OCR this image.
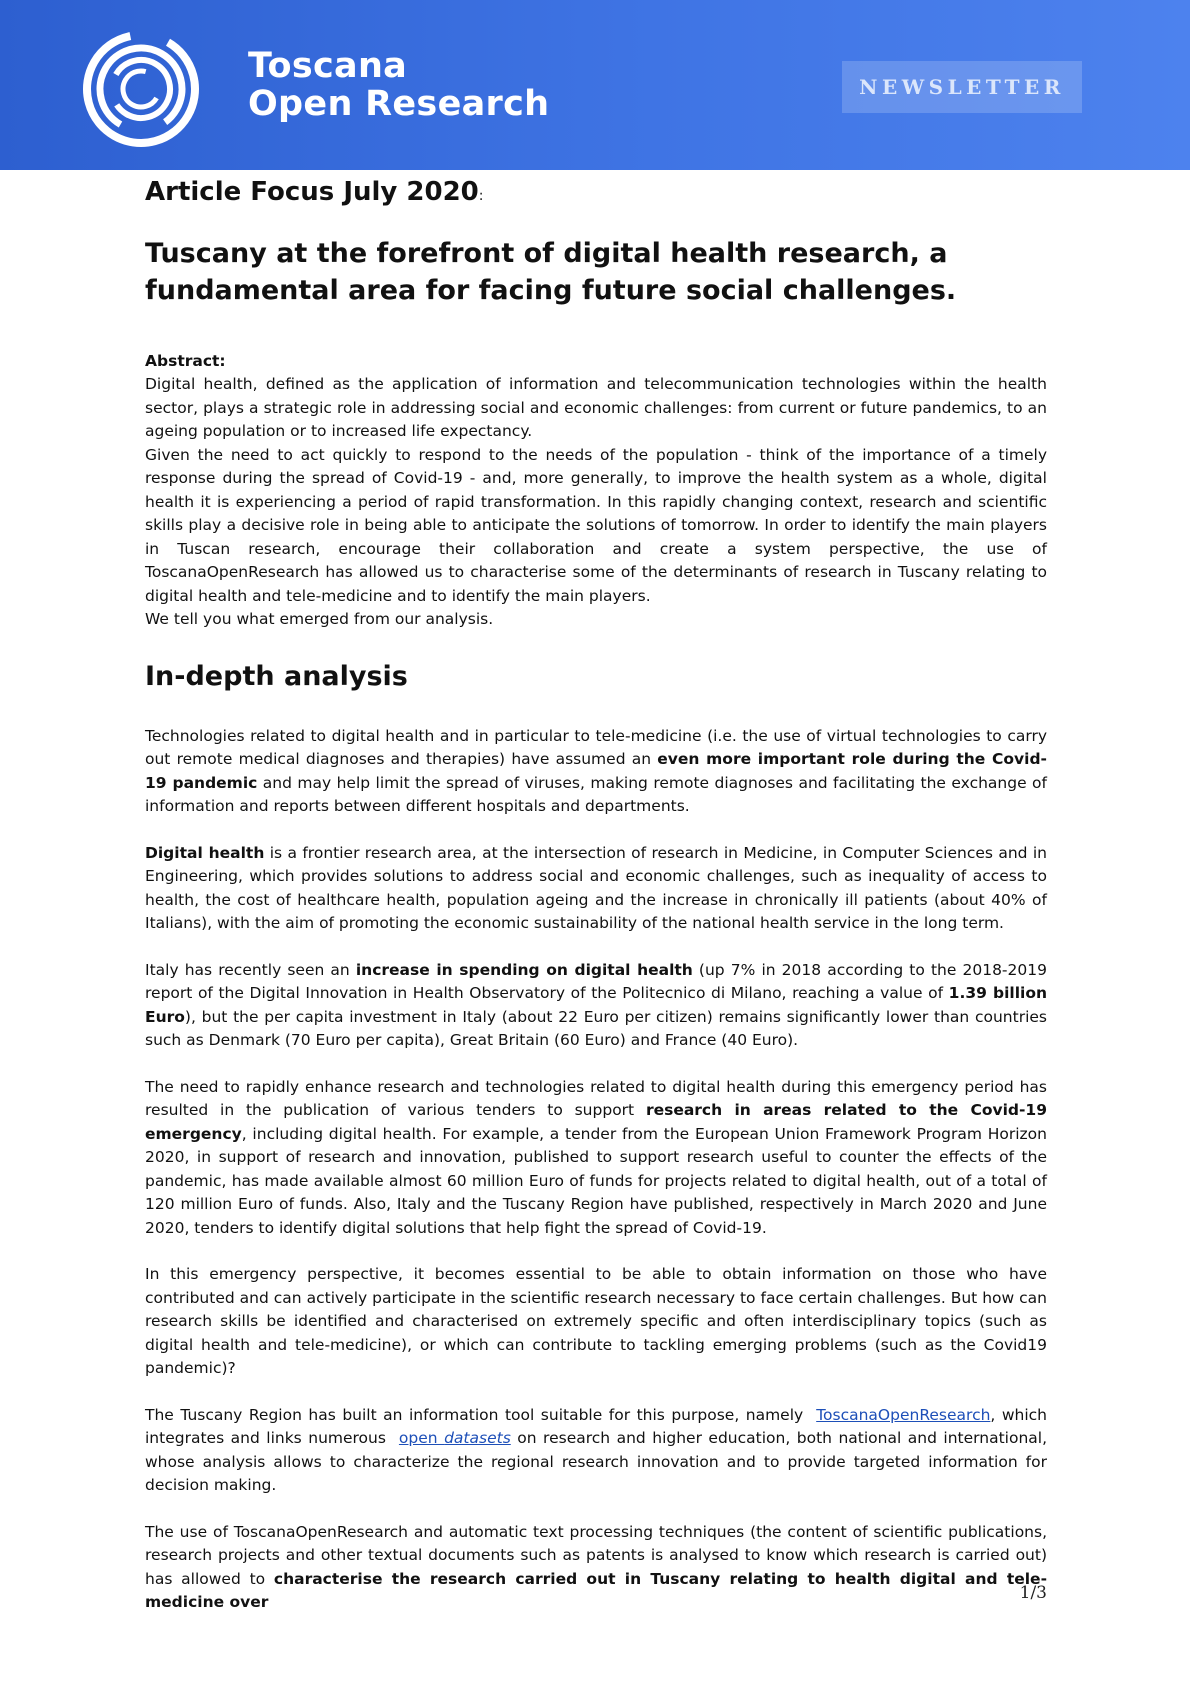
Toscana
Open Research	NEWSLETTER
Article Focus July 2020:
Tuscany at the forefront of digital health research, a fundamental area for facing future social challenges.
Abstract:

Digital health, defined as the application of information and telecommunication technologies within the health sector, plays a strategic role in addressing social and economic challenges: from current or future pandemics, to an ageing population or to increased life expectancy.

Given the need to act quickly to respond to the needs of the population - think of the importance of a timely response during the spread of Covid-19 - and, more generally, to improve the health system as a whole, digital health it is experiencing a period of rapid transformation. In this rapidly changing context, research and scientific skills play a decisive role in being able to anticipate the solutions of tomorrow. In order to identify the main players in Tuscan research, encourage their collaboration and create a system perspective, the use of ToscanaOpenResearch has allowed us to characterise some of the determinants of research in Tuscany relating to digital health and tele-medicine and to identify the main players.

We tell you what emerged from our analysis.

In-depth analysis

Technologies related to digital health and in particular to tele-medicine (i.e. the use of virtual technologies to carry out remote medical diagnoses and therapies) have assumed an even more important role during the Covid-19 pandemic and may help limit the spread of viruses, making remote diagnoses and facilitating the exchange of information and reports between different hospitals and departments.

Digital health is a frontier research area, at the intersection of research in Medicine, in Computer Sciences and in Engineering, which provides solutions to address social and economic challenges, such as inequality of access to health, the cost of healthcare health, population ageing and the increase in chronically ill patients (about 40% of Italians), with the aim of promoting the economic sustainability of the national health service in the long term.

Italy has recently seen an increase in spending on digital health (up 7% in 2018 according to the 2018-2019 report of the Digital Innovation in Health Observatory of the Politecnico di Milano, reaching a value of 1.39 billion Euro), but the per capita investment in Italy (about 22 Euro per citizen) remains significantly lower than countries such as Denmark (70 Euro per capita), Great Britain (60 Euro) and France (40 Euro).

The need to rapidly enhance research and technologies related to digital health during this emergency period has resulted in the publication of various tenders to support research in areas related to the Covid-19 emergency, including digital health. For example, a tender from the European Union Framework Program Horizon 2020, in support of research and innovation, published to support research useful to counter the effects of the pandemic, has made available almost 60 million Euro of funds for projects related to digital health, out of a total of 120 million Euro of funds. Also, Italy and the Tuscany Region have published, respectively in March 2020 and June 2020, tenders to identify digital solutions that help fight the spread of Covid-19.

In this emergency perspective, it becomes essential to be able to obtain information on those who have contributed and can actively participate in the scientific research necessary to face certain challenges. But how can research skills be identified and characterised on extremely specific and often interdisciplinary topics (such as digital health and tele-medicine), or which can contribute to tackling emerging problems (such as the Covid19 pandemic)?

The Tuscany Region has built an information tool suitable for this purpose, namely  ToscanaOpenResearch, which integrates and links numerous  open datasets on research and higher education, both national and international, whose analysis allows to characterize the regional research innovation and to provide targeted information for decision making.

The use of ToscanaOpenResearch and automatic text processing techniques (the content of scientific publications, research projects and other textual documents such as patents is analysed to know which research is carried out) has allowed to characterise the research carried out in Tuscany relating to health digital and tele-medicine over	1/3
